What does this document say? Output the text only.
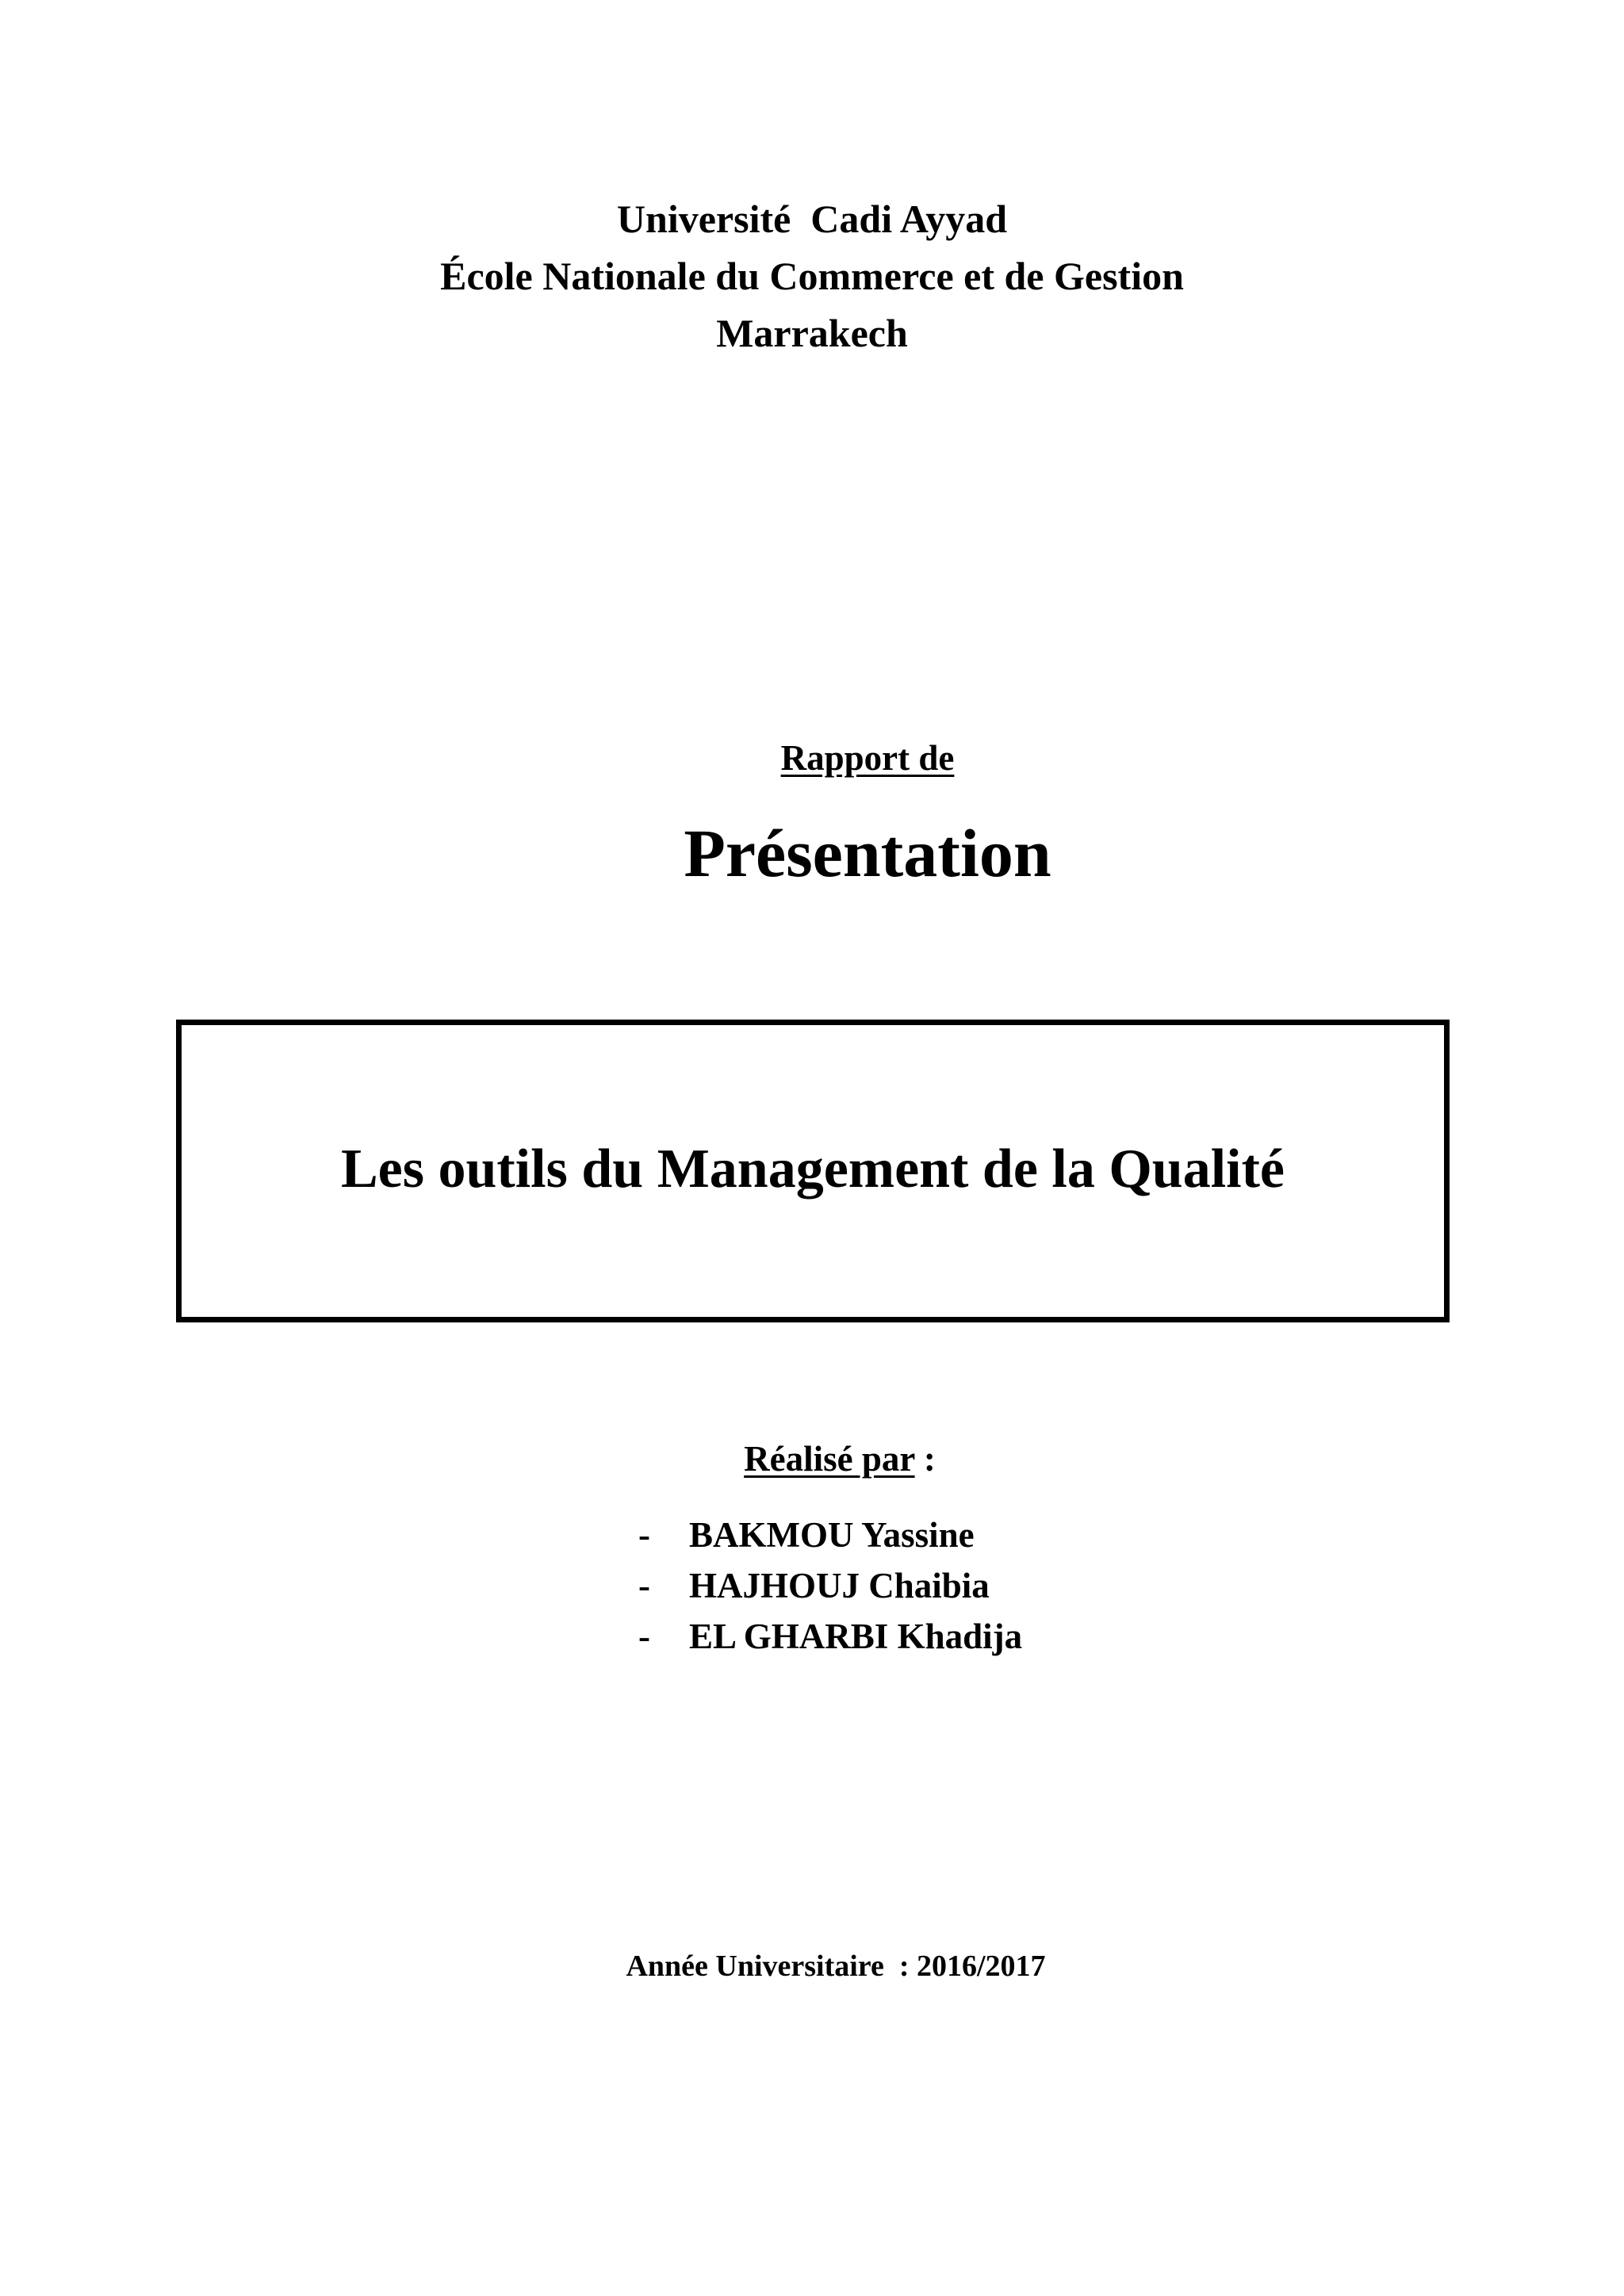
Université  Cadi Ayyad
École Nationale du Commerce et de Gestion
Marrakech
Rapport de
Présentation
Les outils du Management de la Qualité
Réalisé par :
-	BAKMOU Yassine
-	HAJHOUJ Chaibia
-	EL GHARBI Khadija
Année Universitaire  : 2016/2017
